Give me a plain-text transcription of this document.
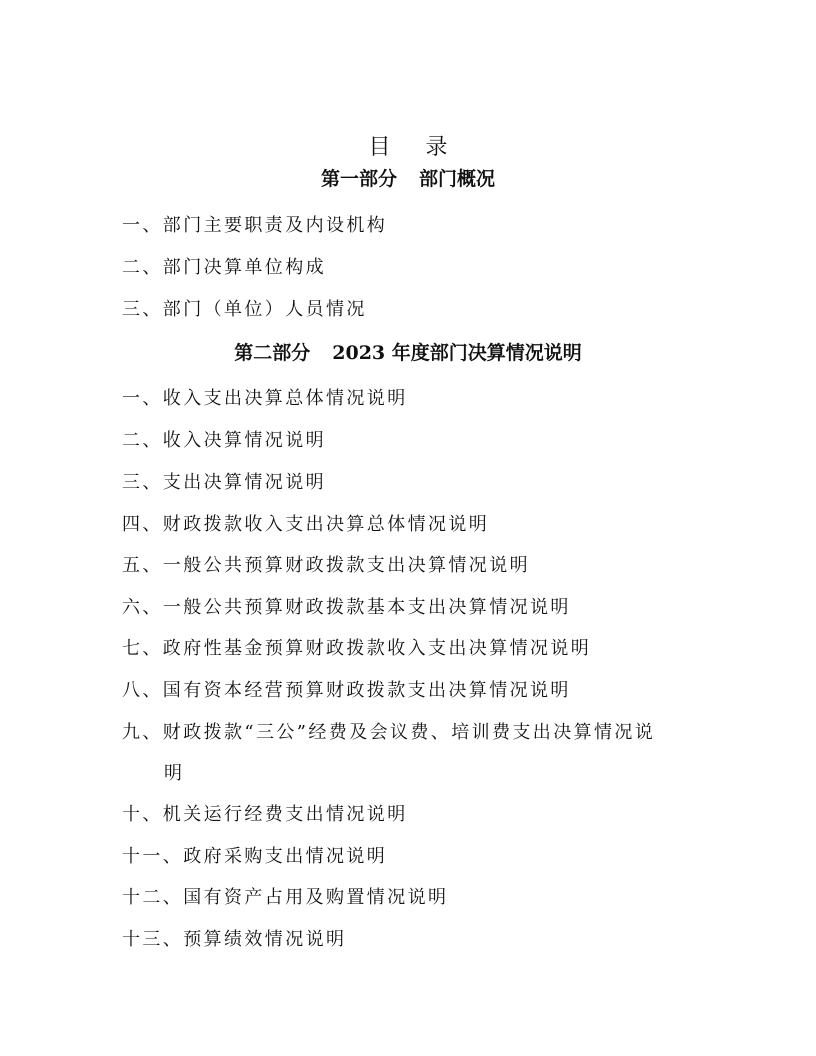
目 录
第一部分 部门概况
一、部门主要职责及内设机构
二、部门决算单位构成
三、部门（单位）人员情况
第二部分 2023 年度部门决算情况说明
一、收入支出决算总体情况说明
二、收入决算情况说明
三、支出决算情况说明
四、财政拨款收入支出决算总体情况说明
五、一般公共预算财政拨款支出决算情况说明
六、一般公共预算财政拨款基本支出决算情况说明
七、政府性基金预算财政拨款收入支出决算情况说明
八、国有资本经营预算财政拨款支出决算情况说明
九、财政拨款“三公”经费及会议费、培训费支出决算情况说
明
十、机关运行经费支出情况说明
十一、政府采购支出情况说明
十二、国有资产占用及购置情况说明
十三、预算绩效情况说明
